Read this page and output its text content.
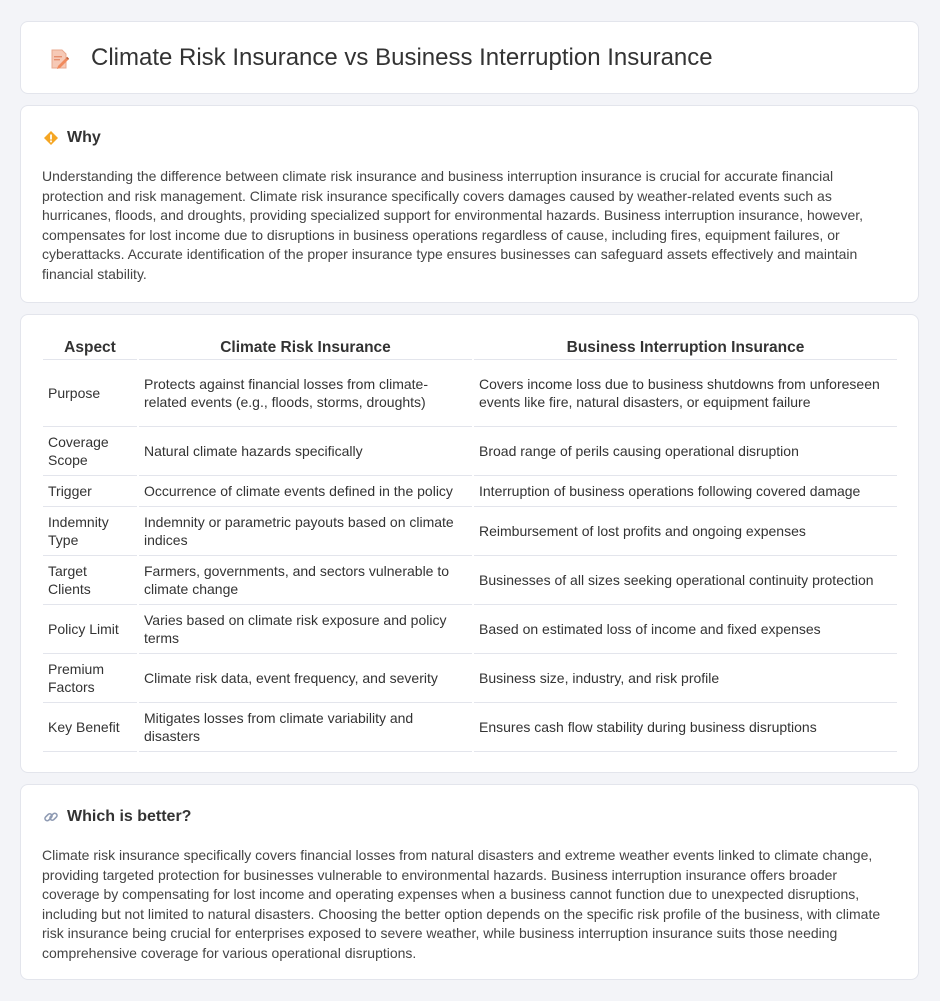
Climate Risk Insurance vs Business Interruption Insurance
Why

Understanding the difference between climate risk insurance and business interruption insurance is crucial for accurate financial protection and risk management. Climate risk insurance specifically covers damages caused by weather-related events such as hurricanes, floods, and droughts, providing specialized support for environmental hazards. Business interruption insurance, however, compensates for lost income due to disruptions in business operations regardless of cause, including fires, equipment failures, or cyberattacks. Accurate identification of the proper insurance type ensures businesses can safeguard assets effectively and maintain financial stability.

Aspect	Climate Risk Insurance	Business Interruption Insurance
Purpose	Protects against financial losses from climate-related events (e.g., floods, storms, droughts)	Covers income loss due to business shutdowns from unforeseen events like fire, natural disasters, or equipment failure
Coverage Scope	Natural climate hazards specifically	Broad range of perils causing operational disruption
Trigger	Occurrence of climate events defined in the policy	Interruption of business operations following covered damage
Indemnity Type	Indemnity or parametric payouts based on climate indices	Reimbursement of lost profits and ongoing expenses
Target Clients	Farmers, governments, and sectors vulnerable to climate change	Businesses of all sizes seeking operational continuity protection
Policy Limit	Varies based on climate risk exposure and policy terms	Based on estimated loss of income and fixed expenses
Premium Factors	Climate risk data, event frequency, and severity	Business size, industry, and risk profile
Key Benefit	Mitigates losses from climate variability and disasters	Ensures cash flow stability during business disruptions
Which is better?

Climate risk insurance specifically covers financial losses from natural disasters and extreme weather events linked to climate change, providing targeted protection for businesses vulnerable to environmental hazards. Business interruption insurance offers broader coverage by compensating for lost income and operating expenses when a business cannot function due to unexpected disruptions, including but not limited to natural disasters. Choosing the better option depends on the specific risk profile of the business, with climate risk insurance being crucial for enterprises exposed to severe weather, while business interruption insurance suits those needing comprehensive coverage for various operational disruptions.
